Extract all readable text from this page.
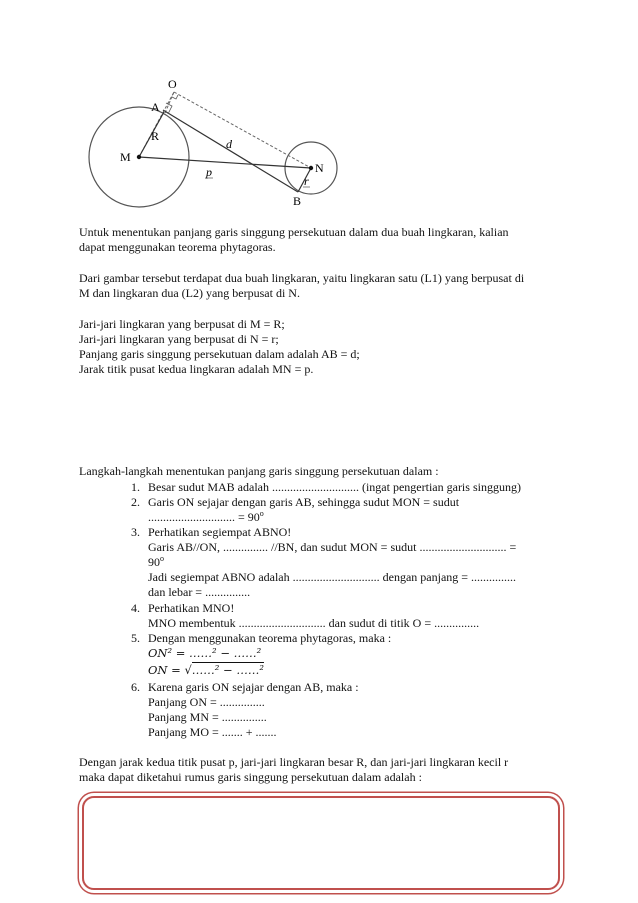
O
A
M
N
B
R
d
p
r
Untuk menentukan panjang garis singgung persekutuan dalam dua buah lingkaran, kalian
dapat menggunakan teorema phytagoras.
Dari gambar tersebut terdapat dua buah lingkaran, yaitu lingkaran satu (L1) yang berpusat di
M dan lingkaran dua (L2) yang berpusat di N.
Jari-jari lingkaran yang berpusat di M = R;
Jari-jari lingkaran yang berpusat di N = r;
Panjang garis singgung persekutuan dalam adalah AB = d;
Jarak titik pusat kedua lingkaran adalah MN = p.
Langkah-langkah menentukan panjang garis singgung persekutuan dalam :
1. Besar sudut MAB adalah ............................. (ingat pengertian garis singgung)
2. Garis ON sejajar dengan garis AB, sehingga sudut MON = sudut
............................. = $90^o$
3. Perhatikan segiempat ABNO!
Garis AB//ON, ............... //BN, dan sudut MON = sudut ............................. =
$90^o$
Jadi segiempat ABNO adalah ............................. dengan panjang = ...............
dan lebar = ...............
4. Perhatikan MNO!
MNO membentuk ............................. dan sudut di titik O = ...............
5. Dengan menggunakan teorema phytagoras, maka :
ON² = ……² − ……²
ON = √……² − ……²
6. Karena garis ON sejajar dengan AB, maka :
Panjang ON = ...............
Panjang MN = ...............
Panjang MO = ....... + .......
Dengan jarak kedua titik pusat p, jari-jari lingkaran besar R, dan jari-jari lingkaran kecil r
maka dapat diketahui rumus garis singgung persekutuan dalam adalah :
